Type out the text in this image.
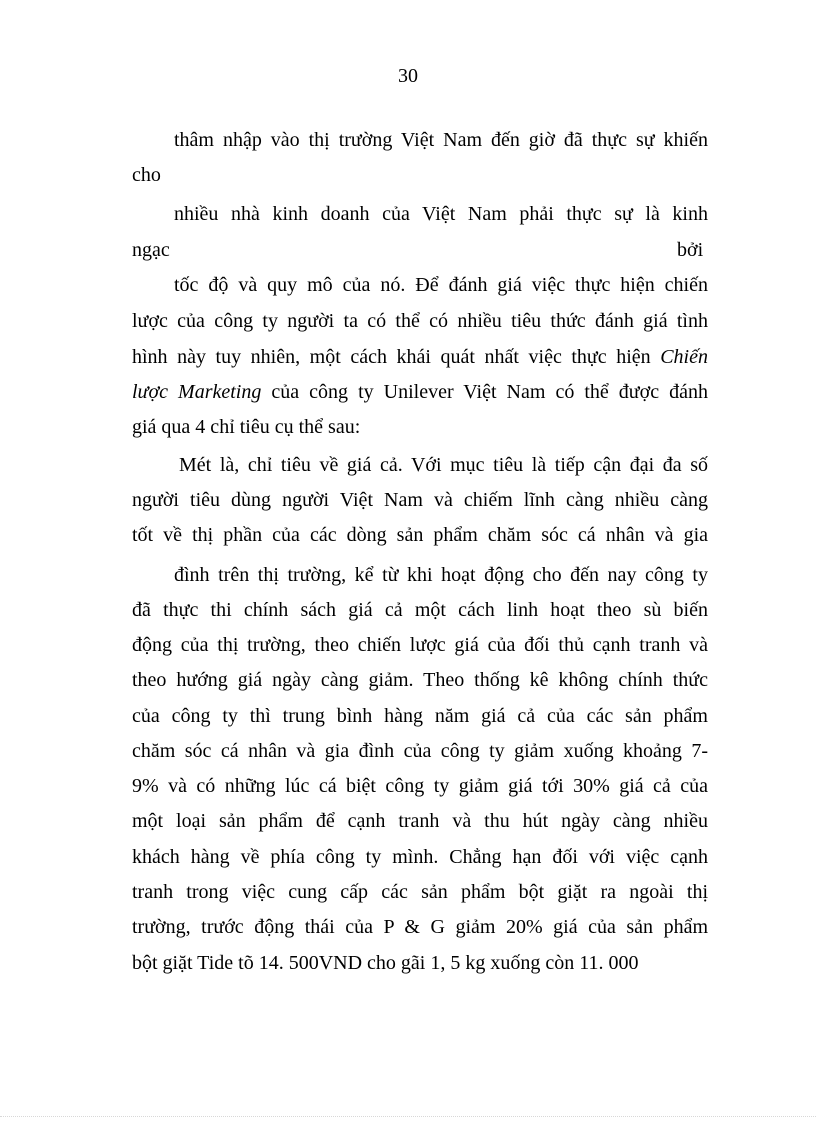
30
thâm nhập vào thị trường Việt Nam đến giờ đã thực sự khiến
cho
nhiều nhà kinh doanh của Việt Nam phải thực sự là kinh
ngạc	bởi
tốc độ và quy mô của nó. Để đánh giá việc thực hiện chiến
lược của công ty người ta có thể có nhiều tiêu thức đánh giá tình
hình này tuy nhiên, một cách khái quát nhất việc thực hiện Chiến
lược Marketing của công ty Unilever Việt Nam có thể được đánh
giá qua 4 chỉ tiêu cụ thể sau:
Mét là, chỉ tiêu về giá cả. Với mục tiêu là tiếp cận đại đa số
người tiêu dùng người Việt Nam và chiếm lĩnh càng nhiều càng
tốt về thị phần của các dòng sản phẩm chăm sóc cá nhân và gia
đình trên thị trường, kể từ khi hoạt động cho đến nay công ty
đã thực thi chính sách giá cả một cách linh hoạt theo sù biến
động của thị trường, theo chiến lược giá của đối thủ cạnh tranh và
theo hướng giá ngày càng giảm. Theo thống kê không chính thức
của công ty thì trung bình hàng năm giá cả của các sản phẩm
chăm sóc cá nhân và gia đình của công ty giảm xuống khoảng 7-
9% và có những lúc cá biệt công ty giảm giá tới 30% giá cả của
một loại sản phẩm để cạnh tranh và thu hút ngày càng nhiều
khách hàng về phía công ty mình. Chẳng hạn đối với việc cạnh
tranh trong việc cung cấp các sản phẩm bột giặt ra ngoài thị
trường, trước động thái của P & G giảm 20% giá của sản phẩm
bột giặt Tide tõ 14. 500VND cho gãi 1, 5 kg xuống còn 11. 000
